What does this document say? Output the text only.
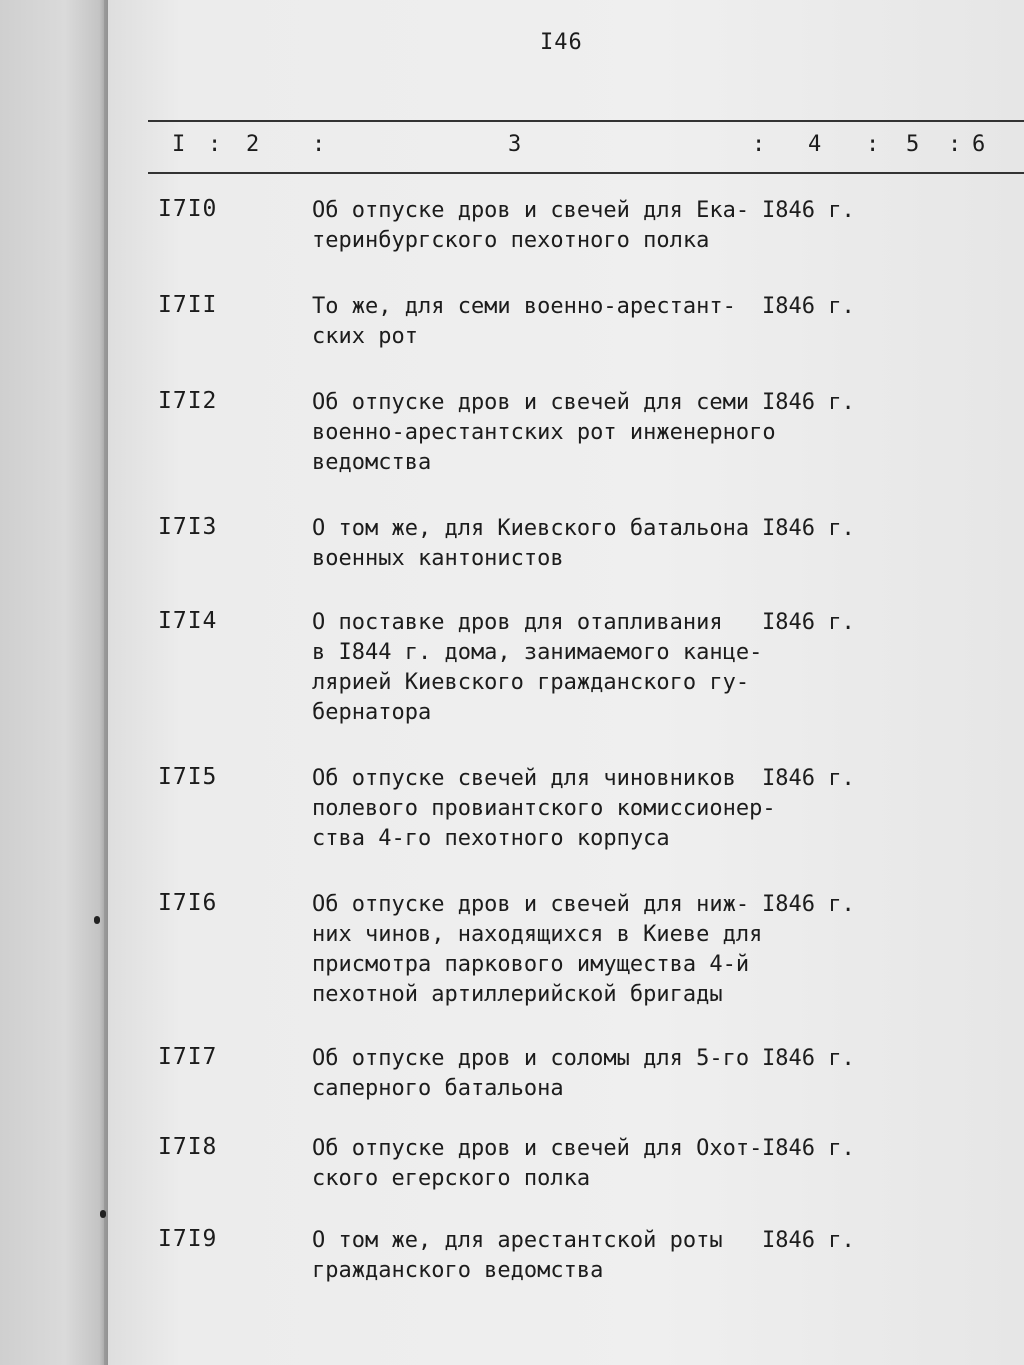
I46
I : 2 :	3	: 4 : 5 : 6
I7I0	Об отпуске дров и свечей для Ека-
теринбургского пехотного полка
I846 г.
I7II	То же, для семи военно-арестант-
ских рот
I846 г.
I7I2	Об отпуске дров и свечей для семи
военно-арестантских рот инженерного
ведомства
I846 г.
I7I3	О том же, для Киевского батальона
военных кантонистов
I846 г.
I7I4	О поставке дров для отапливания
в I844 г. дома, занимаемого канце-
лярией Киевского гражданского гу-
бернатора
I846 г.
I7I5	Об отпуске свечей для чиновников
полевого провиантского комиссионер-
ства 4-го пехотного корпуса
I846 г.
I7I6	Об отпуске дров и свечей для ниж-
них чинов, находящихся в Киеве для
присмотра паркового имущества 4-й
пехотной артиллерийской бригады
I846 г.
I7I7	Об отпуске дров и соломы для 5-го
саперного батальона
I846 г.
I7I8	Об отпуске дров и свечей для Охот-
ского егерского полка
I846 г.
I7I9	О том же, для арестантской роты
гражданского ведомства
I846 г.
